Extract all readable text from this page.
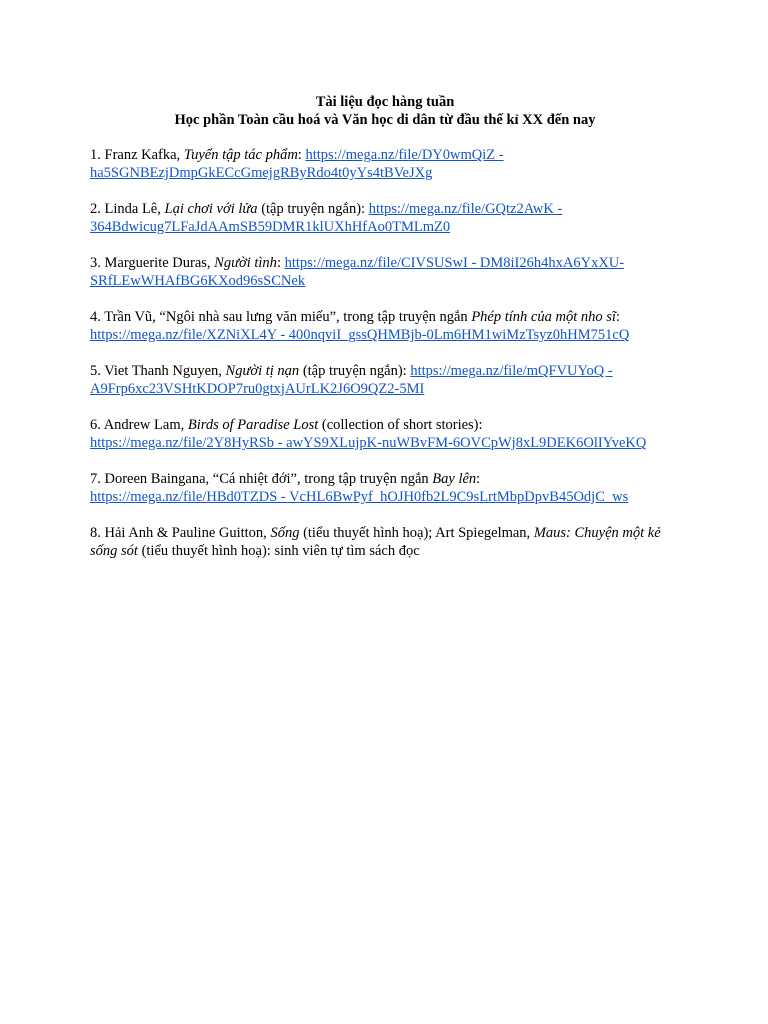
Tài liệu đọc hàng tuần

Học phần Toàn cầu hoá và Văn học di dân từ đầu thế kỉ XX đến nay

1. Franz Kafka, Tuyển tập tác phẩm: https://mega.nz/file/DY0wmQiZ -
ha5SGNBEzjDmpGkECcGmejgRByRdo4t0yYs4tBVeJXg

2. Linda Lê, Lại chơi với lửa (tập truyện ngắn): https://mega.nz/file/GQtz2AwK -
364Bdwicug7LFaJdAAmSB59DMR1klUXhHfAo0TMLmZ0

3. Marguerite Duras, Người tình: https://mega.nz/file/CIVSUSwI - DM8iI26h4hxA6YxXU-
SRfLEwWHAfBG6KXod96sSCNek

4. Trần Vũ, “Ngôi nhà sau lưng văn miếu”, trong tập truyện ngắn Phép tính của một nho sĩ:
https://mega.nz/file/XZNiXL4Y - 400nqviI_gssQHMBjb-0Lm6HM1wiMzTsyz0hHM751cQ

5. Viet Thanh Nguyen, Người tị nạn (tập truyện ngắn): https://mega.nz/file/mQFVUYoQ -
A9Frp6xc23VSHtKDOP7ru0gtxjAUrLK2J6O9QZ2-5MI

6. Andrew Lam, Birds of Paradise Lost (collection of short stories):
https://mega.nz/file/2Y8HyRSb - awYS9XLujpK-nuWBvFM-6OVCpWj8xL9DEK6OlIYveKQ

7. Doreen Baingana, “Cá nhiệt đới”, trong tập truyện ngắn Bay lên:
https://mega.nz/file/HBd0TZDS - VcHL6BwPyf_hOJH0fb2L9C9sLrtMbpDpvB45OdjC_ws

8. Hải Anh & Pauline Guitton, Sống (tiểu thuyết hình hoạ); Art Spiegelman, Maus: Chuyện một kẻ sống sót (tiểu thuyết hình hoạ): sinh viên tự tìm sách đọc
